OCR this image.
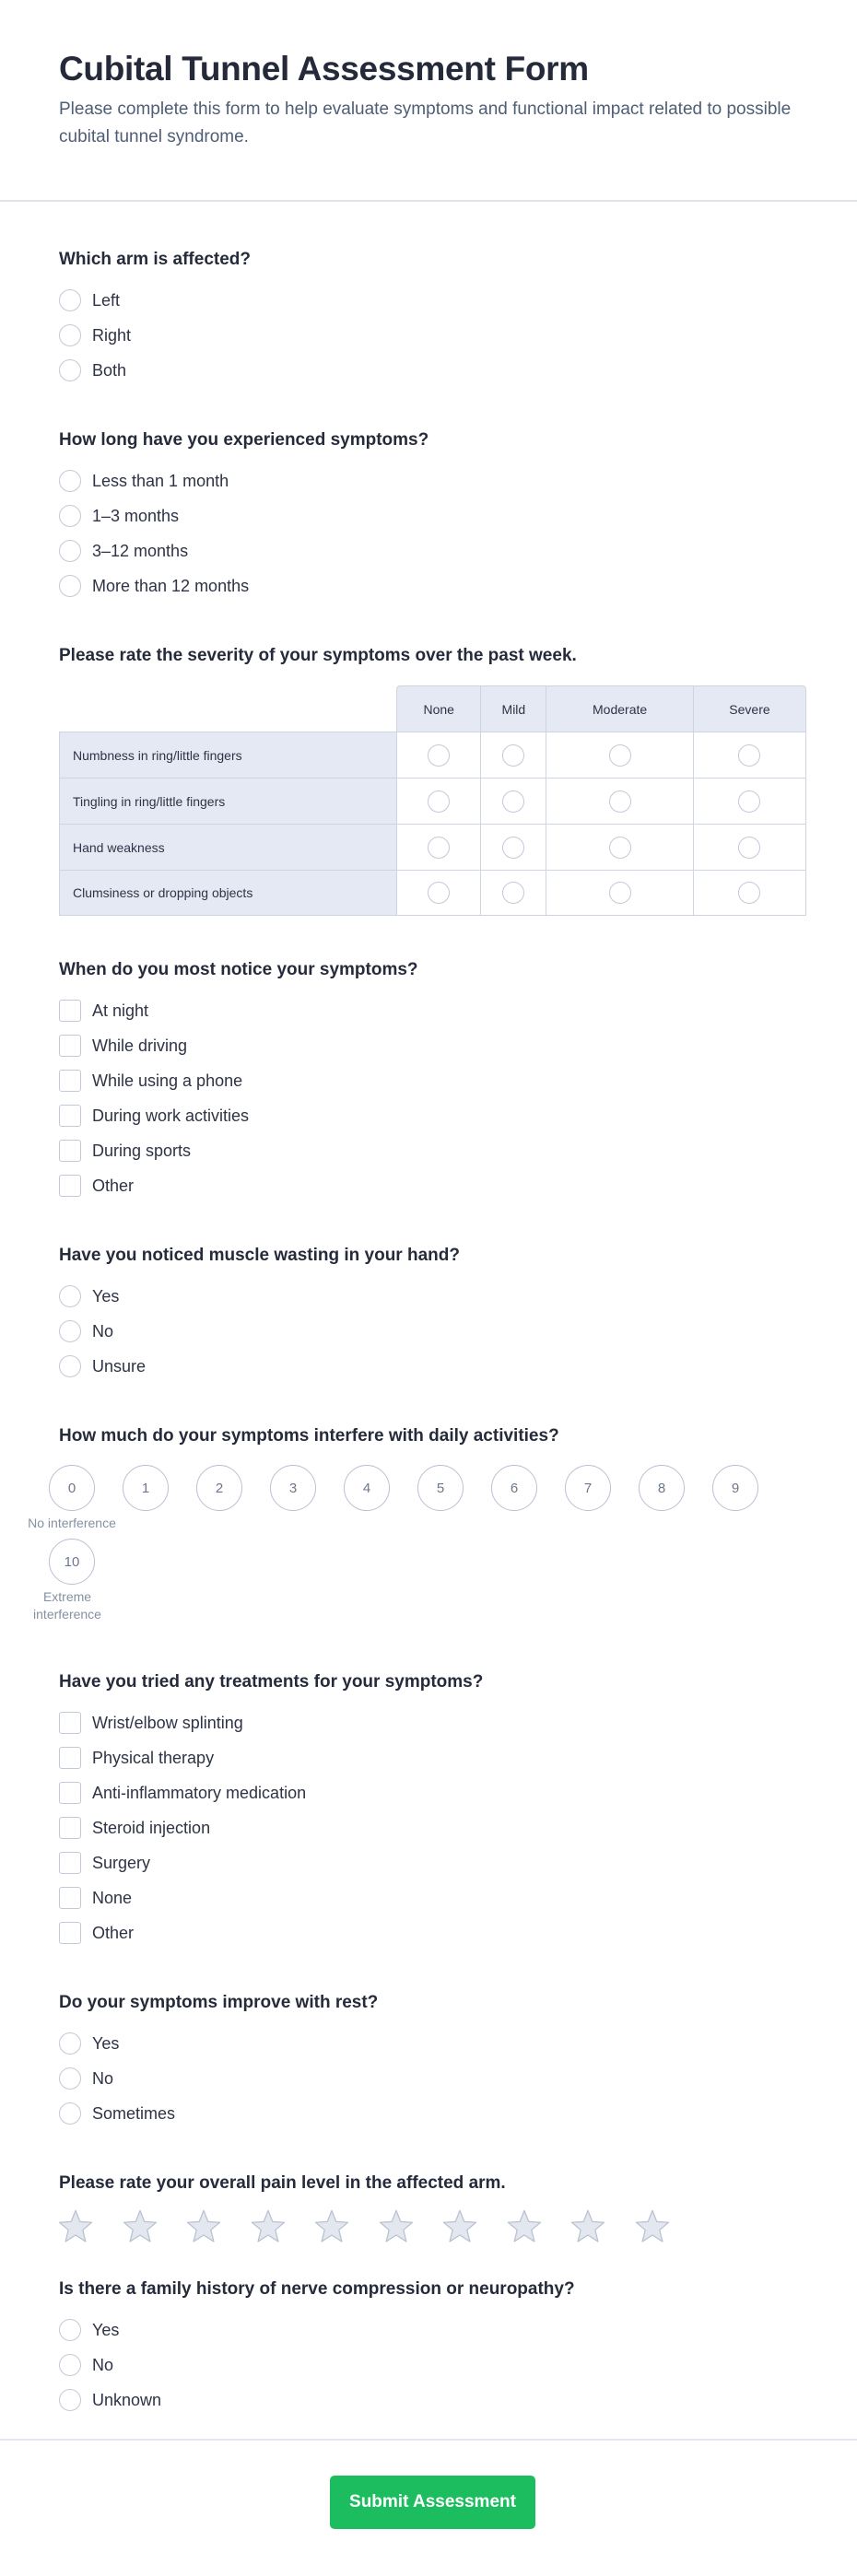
Cubital Tunnel Assessment Form

Please complete this form to help evaluate symptoms and functional impact related to possible cubital tunnel syndrome.

Which arm is affected?
Left
Right
Both
How long have you experienced symptoms?
Less than 1 month
1–3 months
3–12 months
More than 12 months
Please rate the severity of your symptoms over the past week.
	None	Mild	Moderate	Severe
Numbness in ring/little fingers				
Tingling in ring/little fingers				
Hand weakness				
Clumsiness or dropping objects				
When do you most notice your symptoms?
At night
While driving
While using a phone
During work activities
During sports
Other
Have you noticed muscle wasting in your hand?
Yes
No
Unsure
How much do your symptoms interfere with daily activities?
0
No interference
1	2	3	4	5	6	7	8	9
10
Extreme interference
Have you tried any treatments for your symptoms?
Wrist/elbow splinting
Physical therapy
Anti-inflammatory medication
Steroid injection
Surgery
None
Other
Do your symptoms improve with rest?
Yes
No
Sometimes
Please rate your overall pain level in the affected arm.
Is there a family history of nerve compression or neuropathy?
Yes
No
Unknown
Submit Assessment
